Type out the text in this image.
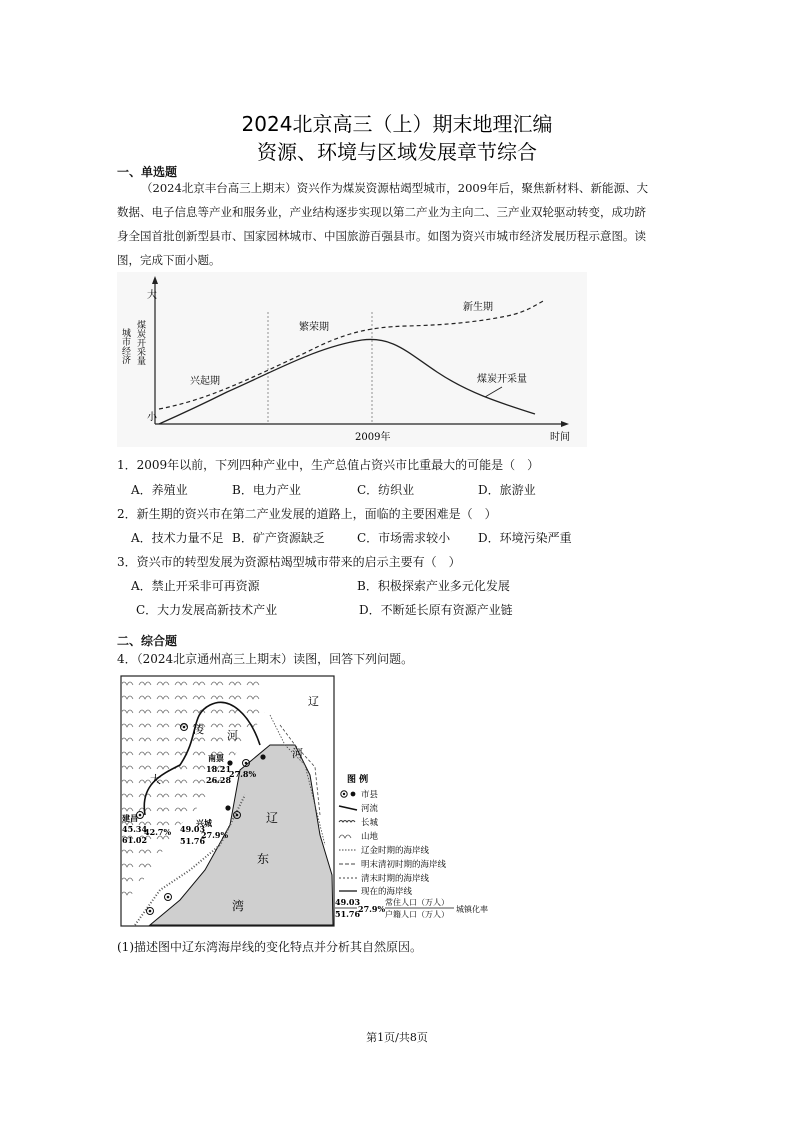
2024北京高三（上）期末地理汇编
资源、环境与区域发展章节综合
一、单选题
（2024北京丰台高三上期末）资兴作为煤炭资源枯竭型城市，2009年后，聚焦新材料、新能源、大
数据、电子信息等产业和服务业，产业结构逐步实现以第二产业为主向二、三产业双轮驱动转变，成功跻
身全国首批创新型县市、国家园林城市、中国旅游百强县市。如图为资兴市城市经济发展历程示意图。读
图，完成下面小题。
大
小
城市经济 煤炭开采量
兴起期
繁荣期
新生期
煤炭开采量
2009年	时间
1．2009年以前，下列四种产业中，生产总值占资兴市比重最大的可能是（　）
A．养殖业	B．电力产业	C．纺织业	D．旅游业
2．新生期的资兴市在第二产业发展的道路上，面临的主要困难是（　）
A．技术力量不足 B．矿产资源缺乏	C．市场需求较小 D．环境污染严重
3．资兴市的转型发展为资源枯竭型城市带来的启示主要有（　）
A．禁止开采非可再资源	B．积极探索产业多元化发展
C．大力发展高新技术产业	D．不断延长原有资源产业链
二、综合题
4．（2024北京通州高三上期末）读图，回答下列问题。
辽
河
凌 河
大
辽
东
湾
南票
18.21
26.28
27.8%
建昌
45.34
61.02
42.7%
兴城
49.03
51.76
27.9%
图 例
市县
河流
长城
山地
辽金时期的海岸线
明末清初时期的海岸线
清末时期的海岸线
现在的海岸线
49.03
51.76
27.9%
常住人口（万人）
户籍人口（万人）
城镇化率
(1)描述图中辽东湾海岸线的变化特点并分析其自然原因。
第1页/共8页
